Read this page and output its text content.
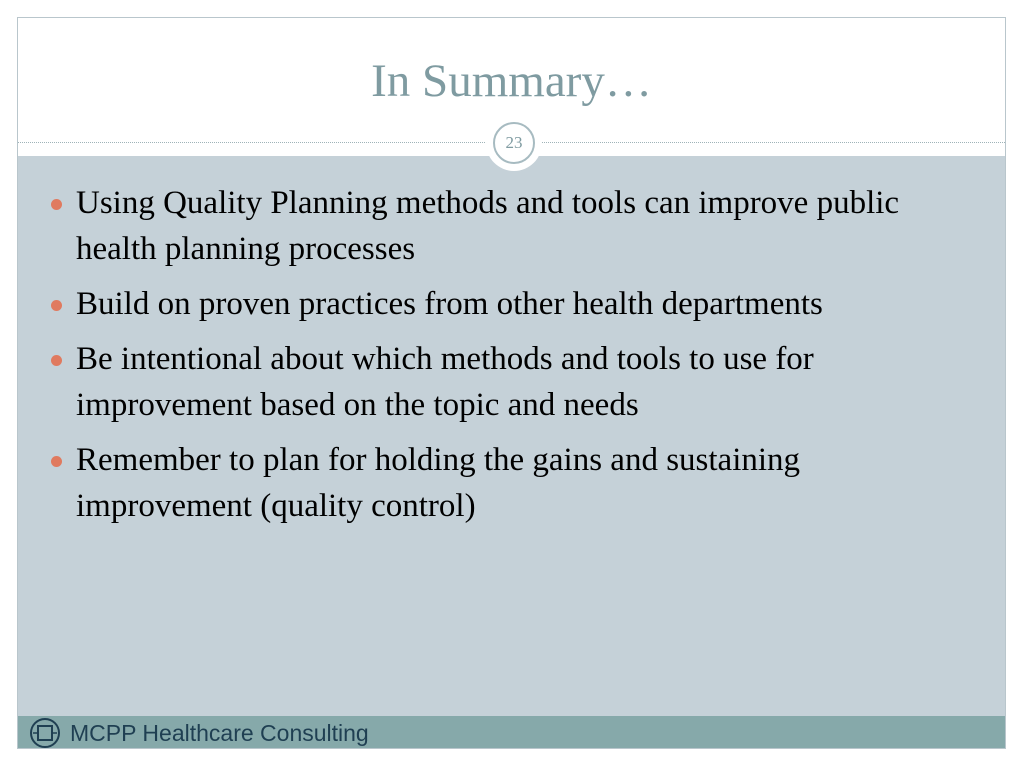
In Summary…
23
Using Quality Planning methods and tools can improve public health planning processes
Build on proven practices from other health departments
Be intentional about which methods and tools to use for improvement based on the topic and needs
Remember to plan for holding the gains and sustaining improvement (quality control)
MCPP Healthcare Consulting
